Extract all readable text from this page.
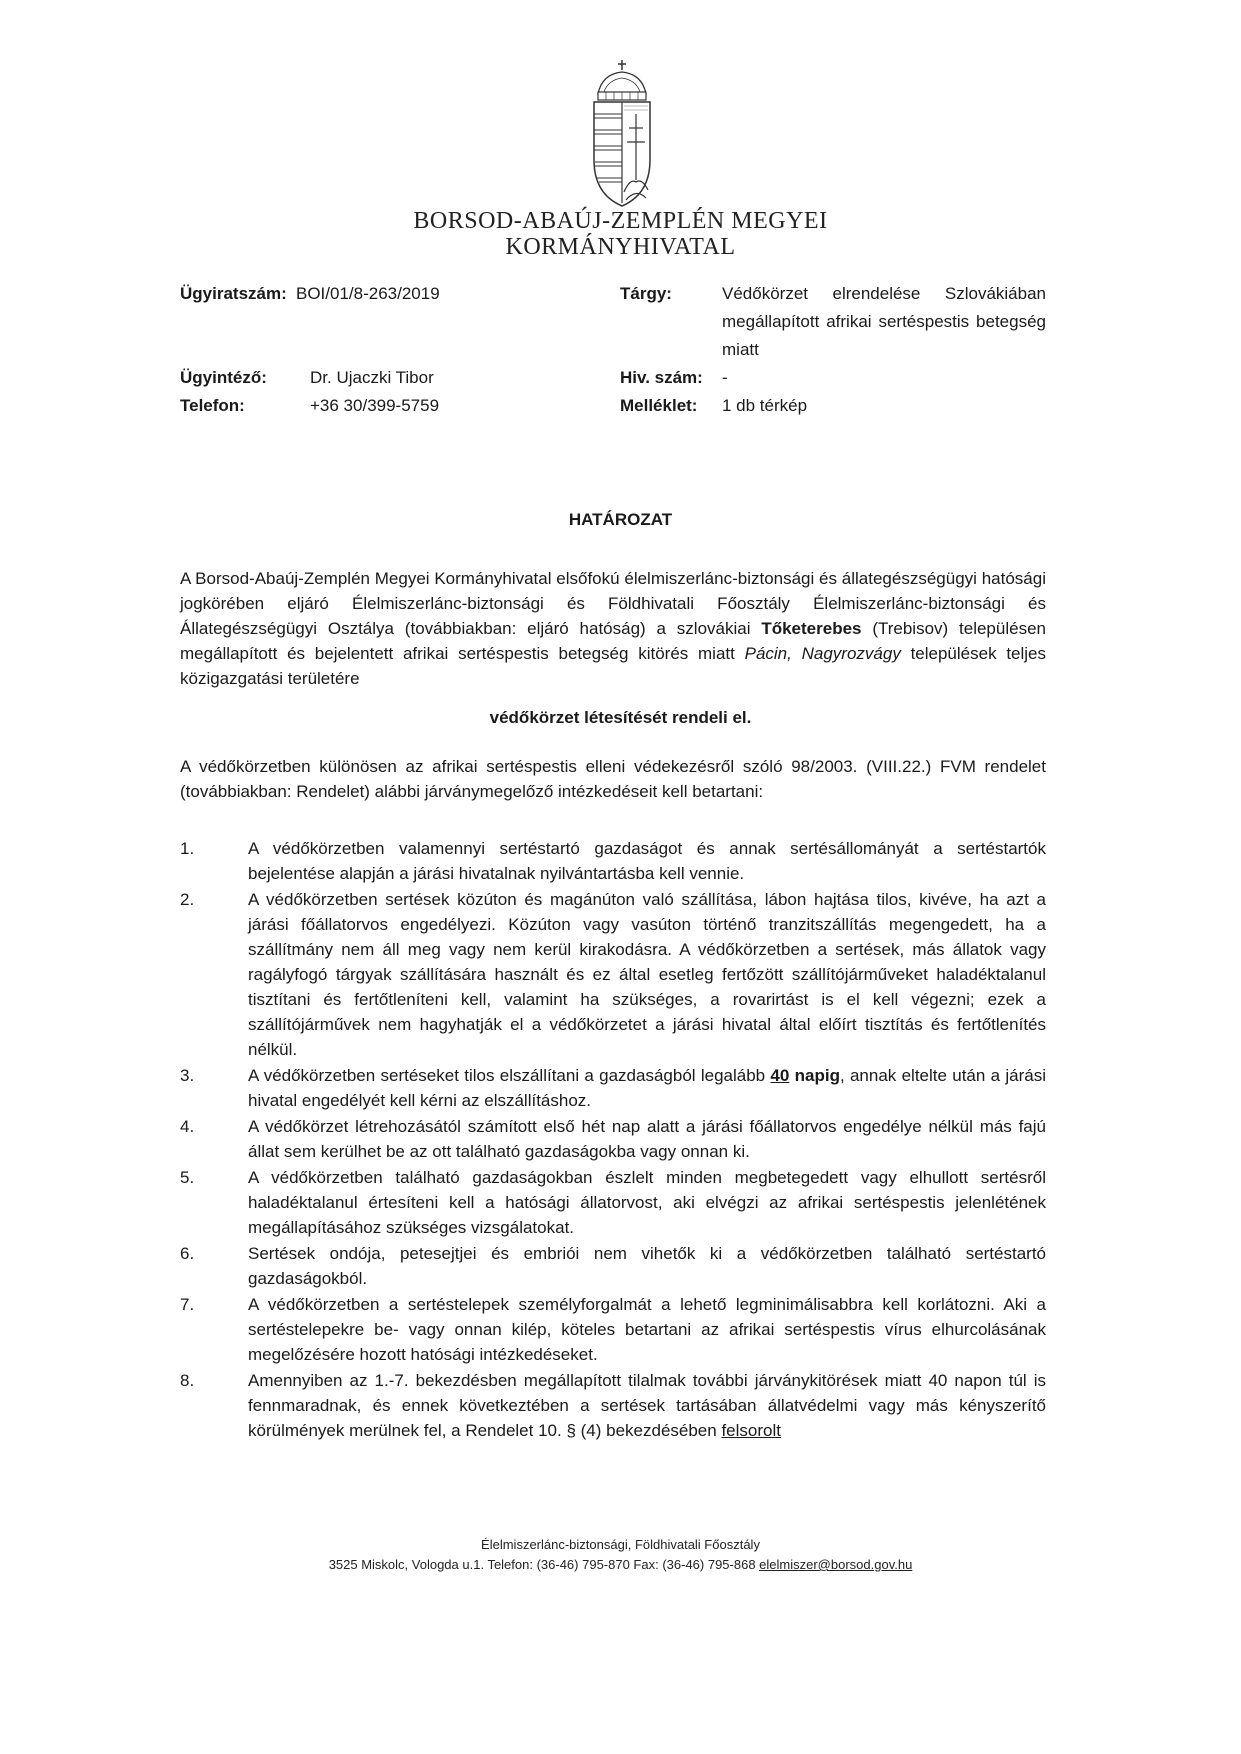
BORSOD-ABAÚJ-ZEMPLÉN MEGYEI
KORMÁNYHIVATAL
Ügyiratszám: BOI/01/8-263/2019	Tárgy:	Védőkörzet elrendelése Szlovákiában megállapított afrikai sertéspestis betegség miatt
Ügyintéző:	Dr. Ujaczki Tibor	Hiv. szám: -
Telefon:	+36 30/399-5759	Melléklet: 1 db térkép
HATÁROZAT
A Borsod-Abaúj-Zemplén Megyei Kormányhivatal elsőfokú élelmiszerlánc-biztonsági és állategészségügyi hatósági jogkörében eljáró Élelmiszerlánc-biztonsági és Földhivatali Főosztály Élelmiszerlánc-biztonsági és Állategészségügyi Osztálya (továbbiakban: eljáró hatóság) a szlovákiai Tőketerebes (Trebisov) településen megállapított és bejelentett afrikai sertéspestis betegség kitörés miatt Pácin, Nagyrozvágy települések teljes közigazgatási területére
védőkörzet létesítését rendeli el.
A védőkörzetben különösen az afrikai sertéspestis elleni védekezésről szóló 98/2003. (VIII.22.) FVM rendelet (továbbiakban: Rendelet) alábbi járványmegelőző intézkedéseit kell betartani:
1.	A védőkörzetben valamennyi sertéstartó gazdaságot és annak sertésállományát a sertéstartók bejelentése alapján a járási hivatalnak nyilvántartásba kell vennie.
2.	A védőkörzetben sertések közúton és magánúton való szállítása, lábon hajtása tilos, kivéve, ha azt a járási főállatorvos engedélyezi. Közúton vagy vasúton történő tranzitszállítás megengedett, ha a szállítmány nem áll meg vagy nem kerül kirakodásra. A védőkörzetben a sertések, más állatok vagy ragályfogó tárgyak szállítására használt és ez által esetleg fertőzött szállítójárműveket haladéktalanul tisztítani és fertőtleníteni kell, valamint ha szükséges, a rovarirtást is el kell végezni; ezek a szállítójárművek nem hagyhatják el a védőkörzetet a járási hivatal által előírt tisztítás és fertőtlenítés nélkül.
3.	A védőkörzetben sertéseket tilos elszállítani a gazdaságból legalább 40 napig, annak eltelte után a járási hivatal engedélyét kell kérni az elszállításhoz.
4.	A védőkörzet létrehozásától számított első hét nap alatt a járási főállatorvos engedélye nélkül más fajú állat sem kerülhet be az ott található gazdaságokba vagy onnan ki.
5.	A védőkörzetben található gazdaságokban észlelt minden megbetegedett vagy elhullott sertésről haladéktalanul értesíteni kell a hatósági állatorvost, aki elvégzi az afrikai sertéspestis jelenlétének megállapításához szükséges vizsgálatokat.
6.	Sertések ondója, petesejtjei és embriói nem vihetők ki a védőkörzetben található sertéstartó gazdaságokból.
7.	A védőkörzetben a sertéstelepek személyforgalmát a lehető legminimálisabbra kell korlátozni. Aki a sertéstelepekre be- vagy onnan kilép, köteles betartani az afrikai sertéspestis vírus elhurcolásának megelőzésére hozott hatósági intézkedéseket.
8.	Amennyiben az 1.-7. bekezdésben megállapított tilalmak további járványkitörések miatt 40 napon túl is fennmaradnak, és ennek következtében a sertések tartásában állatvédelmi vagy más kényszerítő körülmények merülnek fel, a Rendelet 10. § (4) bekezdésében felsorolt
Élelmiszerlánc-biztonsági, Földhivatali Főosztály
3525 Miskolc, Vologda u.1. Telefon: (36-46) 795-870 Fax: (36-46) 795-868 elelmiszer@borsod.gov.hu
